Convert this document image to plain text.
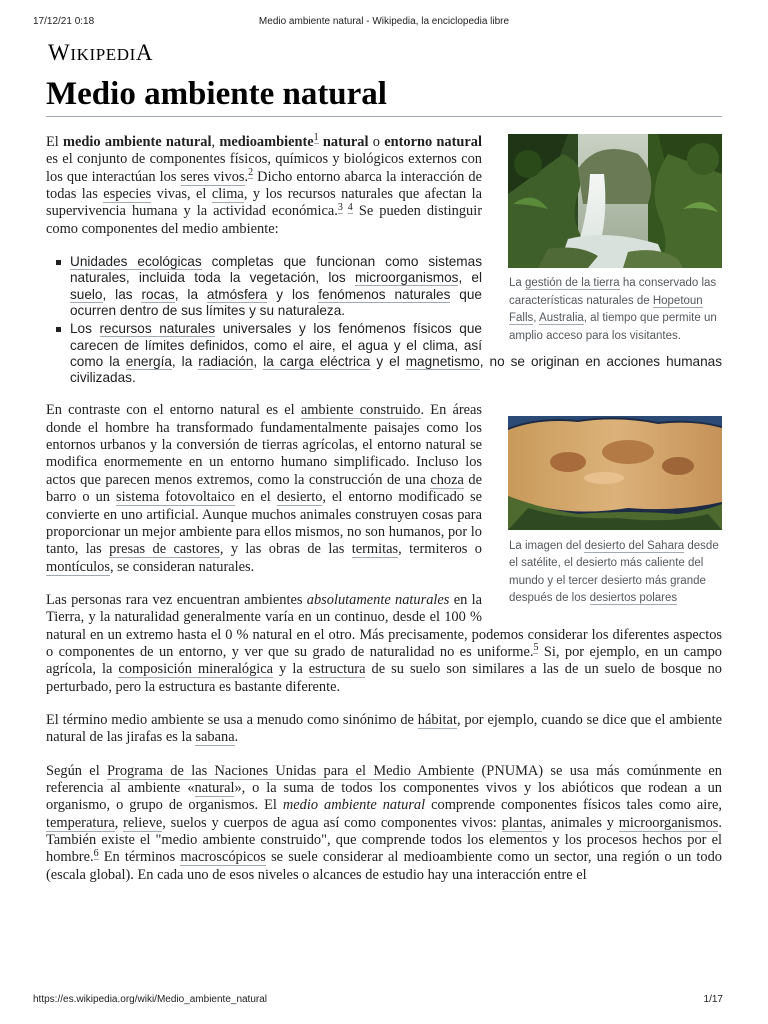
17/12/21 0:18	Medio ambiente natural - Wikipedia, la enciclopedia libre
WIKIPEDIA
Medio ambiente natural
La gestión de la tierra ha conservado las características naturales de Hopetoun Falls, Australia, al tiempo que permite un amplio acceso para los visitantes.

El medio ambiente natural, medioambiente$^1$ natural o entorno natural es el conjunto de componentes físicos, químicos y biológicos externos con los que interactúan los seres vivos.$^2$ Dicho entorno abarca la interacción de todas las especies vivas, el clima, y los recursos naturales que afectan la supervivencia humana y la actividad económica.$^3$ $^4$ Se pueden distinguir como componentes del medio ambiente:

Unidades ecológicas completas que funcionan como sistemas naturales, incluida toda la vegetación, los microorganismos, el suelo, las rocas, la atmósfera y los fenómenos naturales que ocurren dentro de sus límites y su naturaleza.
Los recursos naturales universales y los fenómenos físicos que carecen de límites definidos, como el aire, el agua y el clima, así como la energía, la radiación, la carga eléctrica y el magnetismo, no se originan en acciones humanas civilizadas.
La imagen del desierto del Sahara desde el satélite, el desierto más caliente del mundo y el tercer desierto más grande después de los desiertos polares

En contraste con el entorno natural es el ambiente construido. En áreas donde el hombre ha transformado fundamentalmente paisajes como los entornos urbanos y la conversión de tierras agrícolas, el entorno natural se modifica enormemente en un entorno humano simplificado. Incluso los actos que parecen menos extremos, como la construcción de una choza de barro o un sistema fotovoltaico en el desierto, el entorno modificado se convierte en uno artificial. Aunque muchos animales construyen cosas para proporcionar un mejor ambiente para ellos mismos, no son humanos, por lo tanto, las presas de castores, y las obras de las termitas, termiteros o montículos, se consideran naturales.

Las personas rara vez encuentran ambientes absolutamente naturales en la Tierra, y la naturalidad generalmente varía en un continuo, desde el 100 % natural en un extremo hasta el 0 % natural en el otro. Más precisamente, podemos considerar los diferentes aspectos o componentes de un entorno, y ver que su grado de naturalidad no es uniforme.$^5$ Si, por ejemplo, en un campo agrícola, la composición mineralógica y la estructura de su suelo son similares a las de un suelo de bosque no perturbado, pero la estructura es bastante diferente.

El término medio ambiente se usa a menudo como sinónimo de hábitat, por ejemplo, cuando se dice que el ambiente natural de las jirafas es la sabana.

Según el Programa de las Naciones Unidas para el Medio Ambiente (PNUMA) se usa más comúnmente en referencia al ambiente «natural», o la suma de todos los componentes vivos y los abióticos que rodean a un organismo, o grupo de organismos. El medio ambiente natural comprende componentes físicos tales como aire, temperatura, relieve, suelos y cuerpos de agua así como componentes vivos: plantas, animales y microorganismos. También existe el "medio ambiente construido", que comprende todos los elementos y los procesos hechos por el hombre.$^6$ En términos macroscópicos se suele considerar al medioambiente como un sector, una región o un todo (escala global). En cada uno de esos niveles o alcances de estudio hay una interacción entre el

https://es.wikipedia.org/wiki/Medio_ambiente_natural	1/17
